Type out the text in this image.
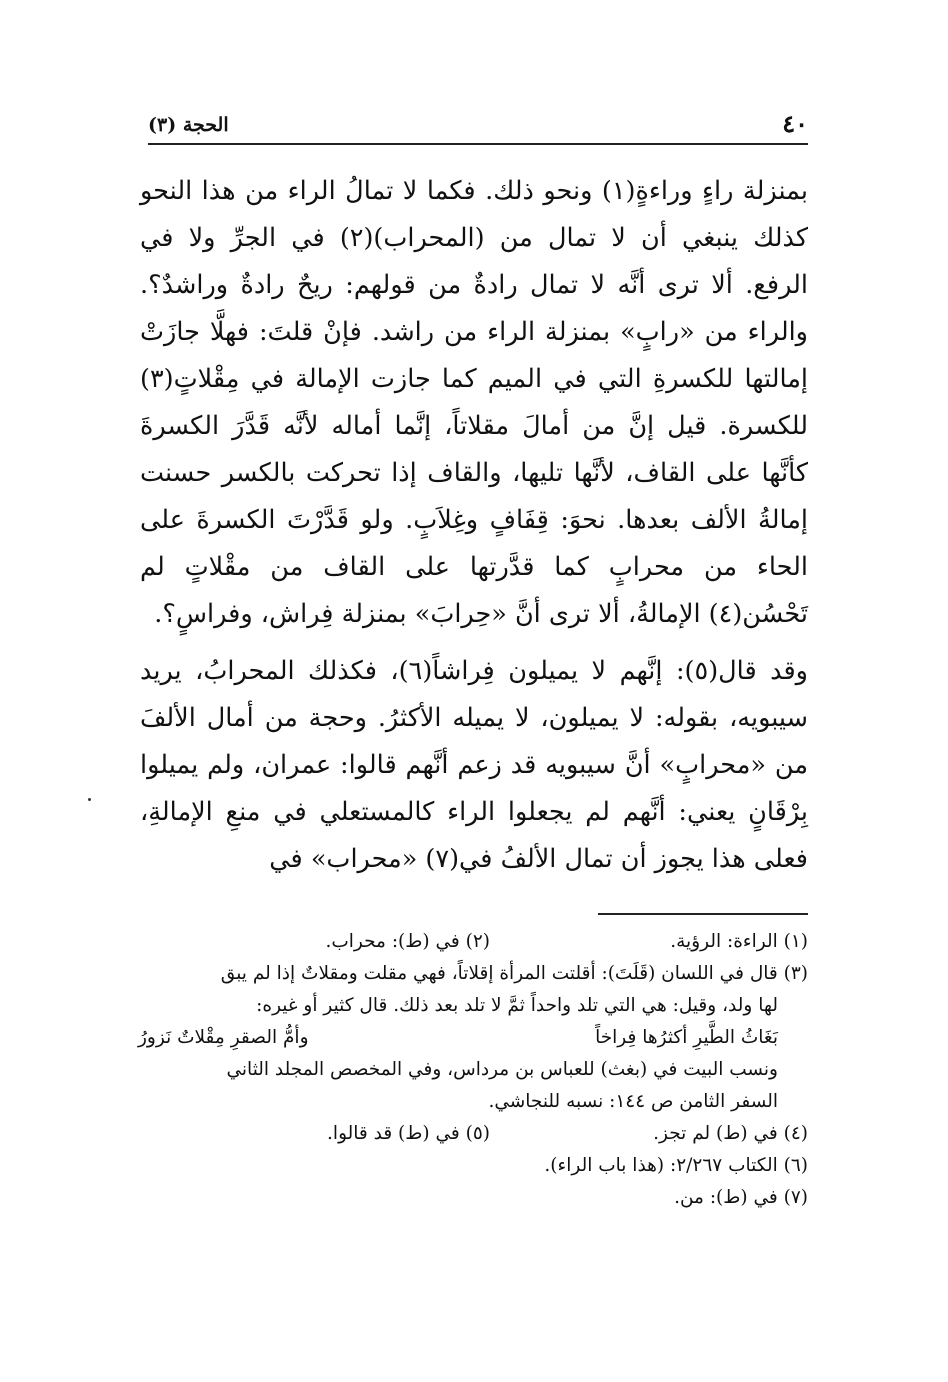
٤٠
الحجة (٣)

بمنزلة راءٍ وراءةٍ(١) ونحو ذلك. فكما لا تمالُ الراء من هذا النحو كذلك ينبغي أن لا تمال من (المحراب)(٢) في الجرِّ ولا في الرفع. ألا ترى أنَّه لا تمال رادةٌ من قولهم: ريحٌ رادةٌ وراشدٌ؟. والراء من «رابٍ» بمنزلة الراء من راشد. فإنْ قلتَ: فهلَّا جازَتْ إمالتها للكسرةِ التي في الميم كما جازت الإمالة في مِقْلاتٍ(٣) للكسرة. قيل إنَّ من أمالَ مقلاتاً، إنَّما أماله لأنَّه قَدَّرَ الكسرةَ كأنَّها على القاف، لأنَّها تليها، والقاف إذا تحركت بالكسر حسنت إمالةُ الألف بعدها. نحوَ: قِفَافٍ وغِلاَبٍ. ولو قَدَّرْتَ الكسرةَ على الحاء من محرابٍ كما قدَّرتها على القاف من مقْلاتٍ لم تَحْسُن(٤) الإمالةُ، ألا ترى أنَّ «حِرابَ» بمنزلة فِراش، وفراسٍ؟.

وقد قال(٥): إنَّهم لا يميلون فِراشاً(٦)، فكذلك المحرابُ، يريد سيبويه، بقوله: لا يميلون، لا يميله الأكثرُ. وحجة من أمال الألفَ من «محرابٍ» أنَّ سيبويه قد زعم أنَّهم قالوا: عمران، ولم يميلوا بِرْقَانٍ يعني: أنَّهم لم يجعلوا الراء كالمستعلي في منعِ الإمالةِ، فعلى هذا يجوز أن تمال الألفُ في(٧) «محراب» في

(١) الراءة: الرؤية.
(٢) في (ط): محراب.
(٣) قال في اللسان (قَلَتَ): أقلتت المرأة إقلاتاً، فهي مقلت ومقلاتٌ إذا لم يبق
لها ولد، وقيل: هي التي تلد واحداً ثمَّ لا تلد بعد ذلك. قال كثير أو غيره:
بَغَاثُ الطَّيرِ أكثرُها فِراخاً
وأمُّ الصقرِ مِقْلاتٌ نَزورُ
ونسب البيت في (بغث) للعباس بن مرداس، وفي المخصص المجلد الثاني
السفر الثامن ص ١٤٤: نسبه للنجاشي.
(٤) في (ط) لم تجز.
(٥) في (ط) قد قالوا.
(٦) الكتاب ٢/٢٦٧: (هذا باب الراء).
(٧) في (ط): من.
